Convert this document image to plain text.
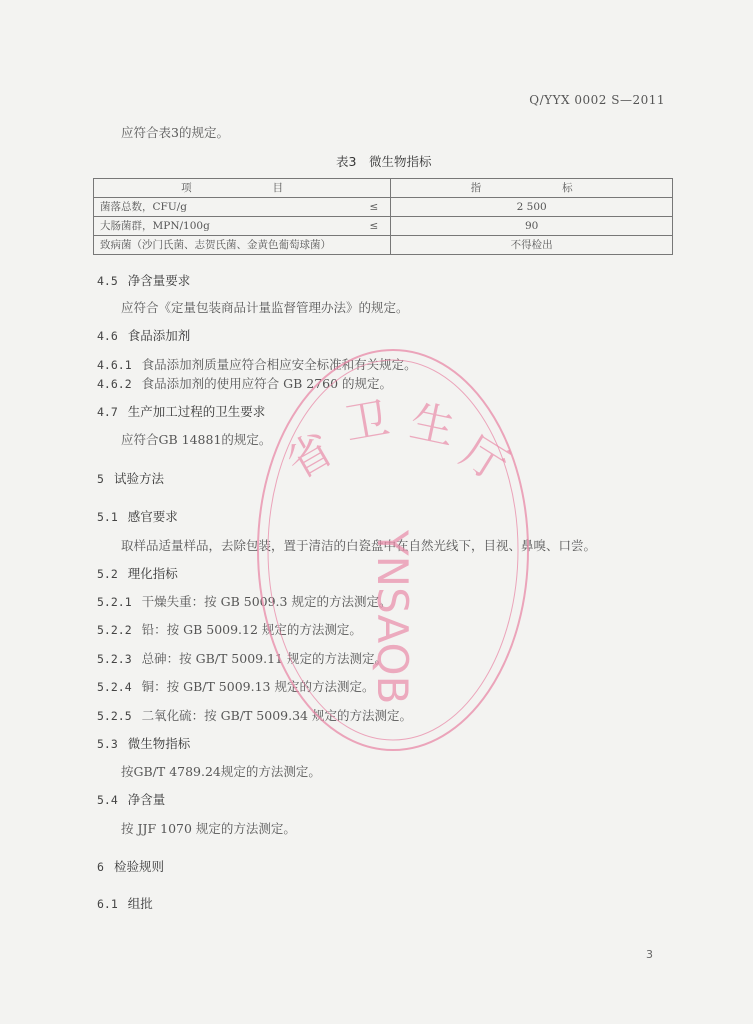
Q/YYX 0002 S—2011
应符合表3的规定。
表3　微生物指标
项　　目	指　　标
菌落总数，CFU/g ≤	2 500
大肠菌群，MPN/100g ≤	90
致病菌（沙门氏菌、志贺氏菌、金黄色葡萄球菌）	不得检出
4.5 净含量要求
应符合《定量包装商品计量监督管理办法》的规定。
4.6 食品添加剂
4.6.1 食品添加剂质量应符合相应安全标准和有关规定。
4.6.2 食品添加剂的使用应符合 GB 2760 的规定。
4.7 生产加工过程的卫生要求
应符合GB 14881的规定。
5 试验方法
5.1 感官要求
取样品适量样品，去除包装，置于清洁的白瓷盘中在自然光线下，目视、鼻嗅、口尝。
5.2 理化指标
5.2.1 干燥失重：按 GB 5009.3 规定的方法测定。
5.2.2 铅：按 GB 5009.12 规定的方法测定。
5.2.3 总砷：按 GB/T 5009.11 规定的方法测定。
5.2.4 铜：按 GB/T 5009.13 规定的方法测定。
5.2.5 二氧化硫：按 GB/T 5009.34 规定的方法测定。
5.3 微生物指标
按GB/T 4789.24规定的方法测定。
5.4 净含量
按 JJF 1070 规定的方法测定。
6 检验规则
6.1 组批
省
卫 生
厅
YNSAQB
3
